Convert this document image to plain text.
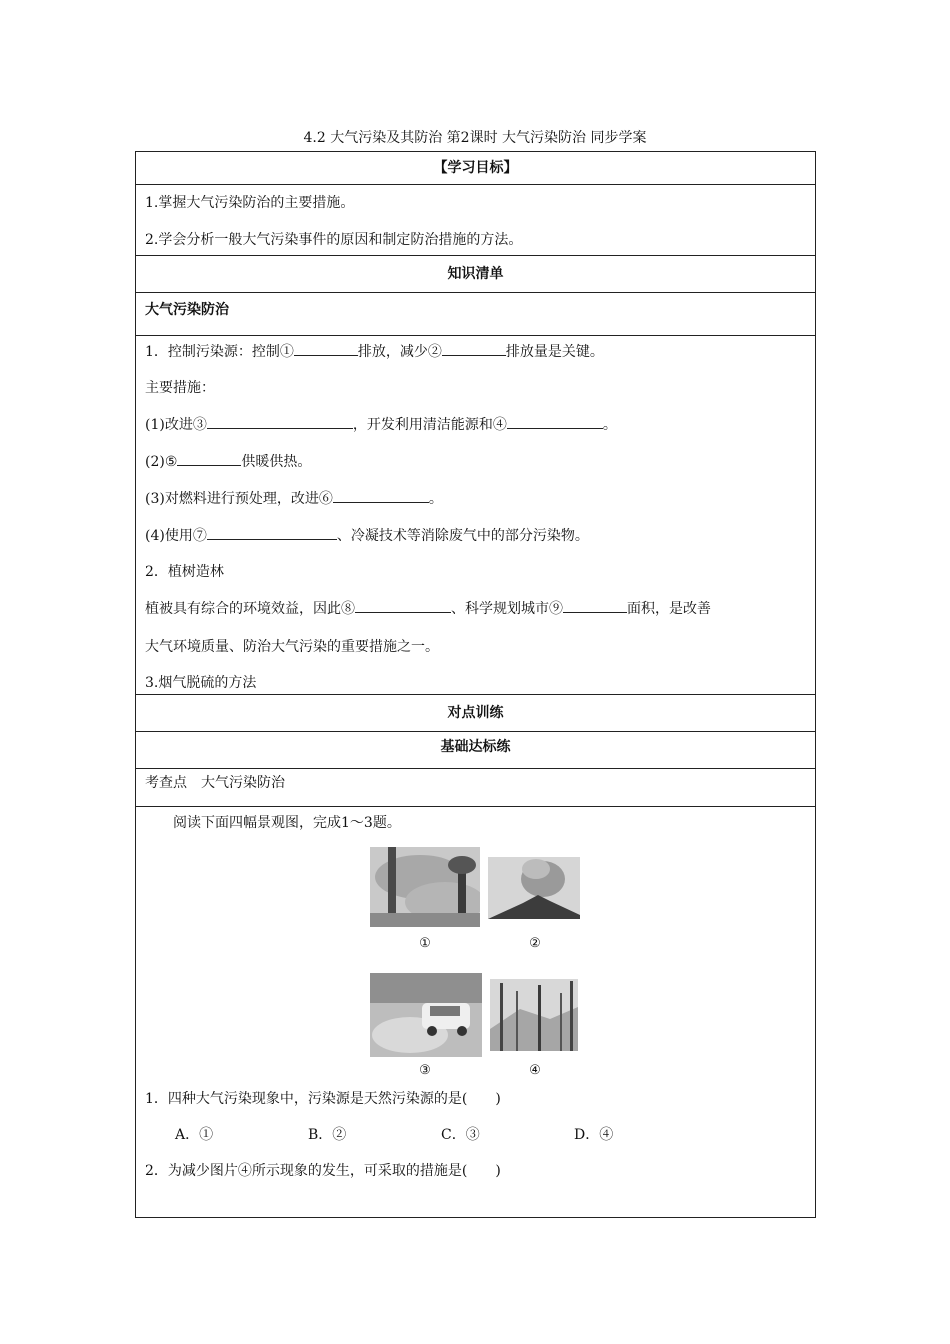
4.2 大气污染及其防治 第2课时 大气污染防治 同步学案
【学习目标】

1.掌握大气污染防治的主要措施。
2.学会分析一般大气污染事件的原因和制定防治措施的方法。

知识清单
大气污染防治

1．控制污染源：控制①	排放，减少②	排放量是关键。
主要措施：
(1)改进③	，开发利用清洁能源和④	。
(2)⑤	供暖供热。
(3)对燃料进行预处理，改进⑥	。
(4)使用⑦	、冷凝技术等消除废气中的部分污染物。
2．植树造林
植被具有综合的环境效益，因此⑧	、科学规划城市⑨	面积，是改善
大气环境质量、防治大气污染的重要措施之一。
3.烟气脱硫的方法

对点训练
基础达标练
考查点　大气污染防治

阅读下面四幅景观图，完成1～3题。
①	②
③	④
1．四种大气污染现象中，污染源是天然污染源的是(　　)
A．①	B．②	C．③	D．④
2．为减少图片④所示现象的发生，可采取的措施是(　　)
